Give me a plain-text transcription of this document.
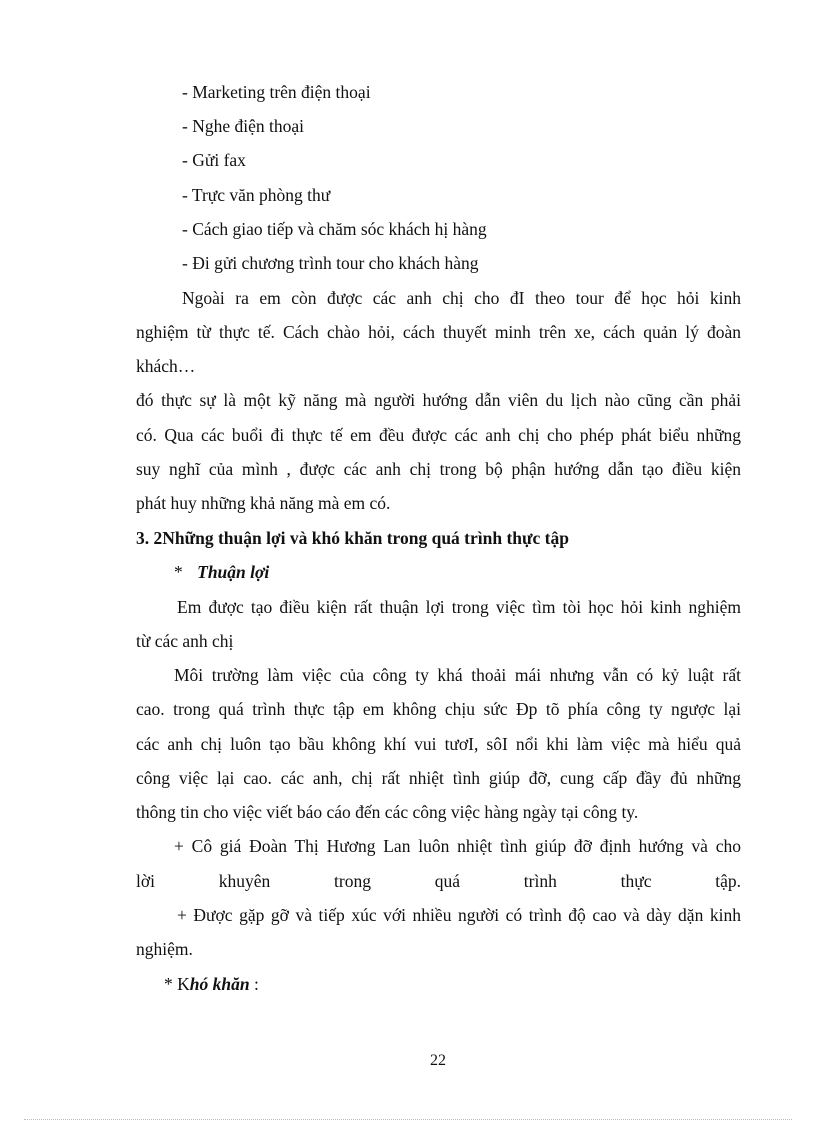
- Marketing trên điện thoại
- Nghe điện thoại
- Gửi fax
- Trực văn phòng thư
- Cách giao tiếp và chăm sóc khách hị hàng
- Đi gửi chương trình tour cho khách hàng
Ngoài ra em còn được các anh chị cho đI theo tour để học hỏi kinh
nghiệm từ thực tế. Cách chào hỏi, cách thuyết minh trên xe, cách quản lý đoàn
khách…
đó thực sự là một kỹ năng mà người hướng dẫn viên du lịch nào cũng cần phải
có. Qua các buổi đi thực tế em đều được các anh chị cho phép phát biểu những
suy nghĩ của mình , được các anh chị trong bộ phận hướng dẫn tạo điều kiện
phát huy những khả năng mà em có.
3. 2Những thuận lợi và khó khăn trong quá trình thực tập
* Thuận lợi
Em được tạo điều kiện rất thuận lợi trong việc tìm tòi học hỏi kinh nghiệm
từ các anh chị
Môi trường làm việc của công ty khá thoải mái nhưng vẫn có kỷ luật rất
cao. trong quá trình thực tập em không chịu sức Ðp tõ phía công ty ngược lại
các anh chị luôn tạo bầu không khí vui tươI, sôI nổi khi làm việc mà hiểu quả
công việc lại cao. các anh, chị rất nhiệt tình giúp đỡ, cung cấp đầy đủ những
thông tin cho việc viết báo cáo đến các công việc hàng ngày tại công ty.
+ Cô giá Đoàn Thị Hương Lan luôn nhiệt tình giúp đỡ định hướng và cho
lời khuyên trong quá trình thực tập.
+ Được gặp gỡ và tiếp xúc với nhiều người có trình độ cao và dày dặn kinh
nghiệm.
* Khó khăn :
22
